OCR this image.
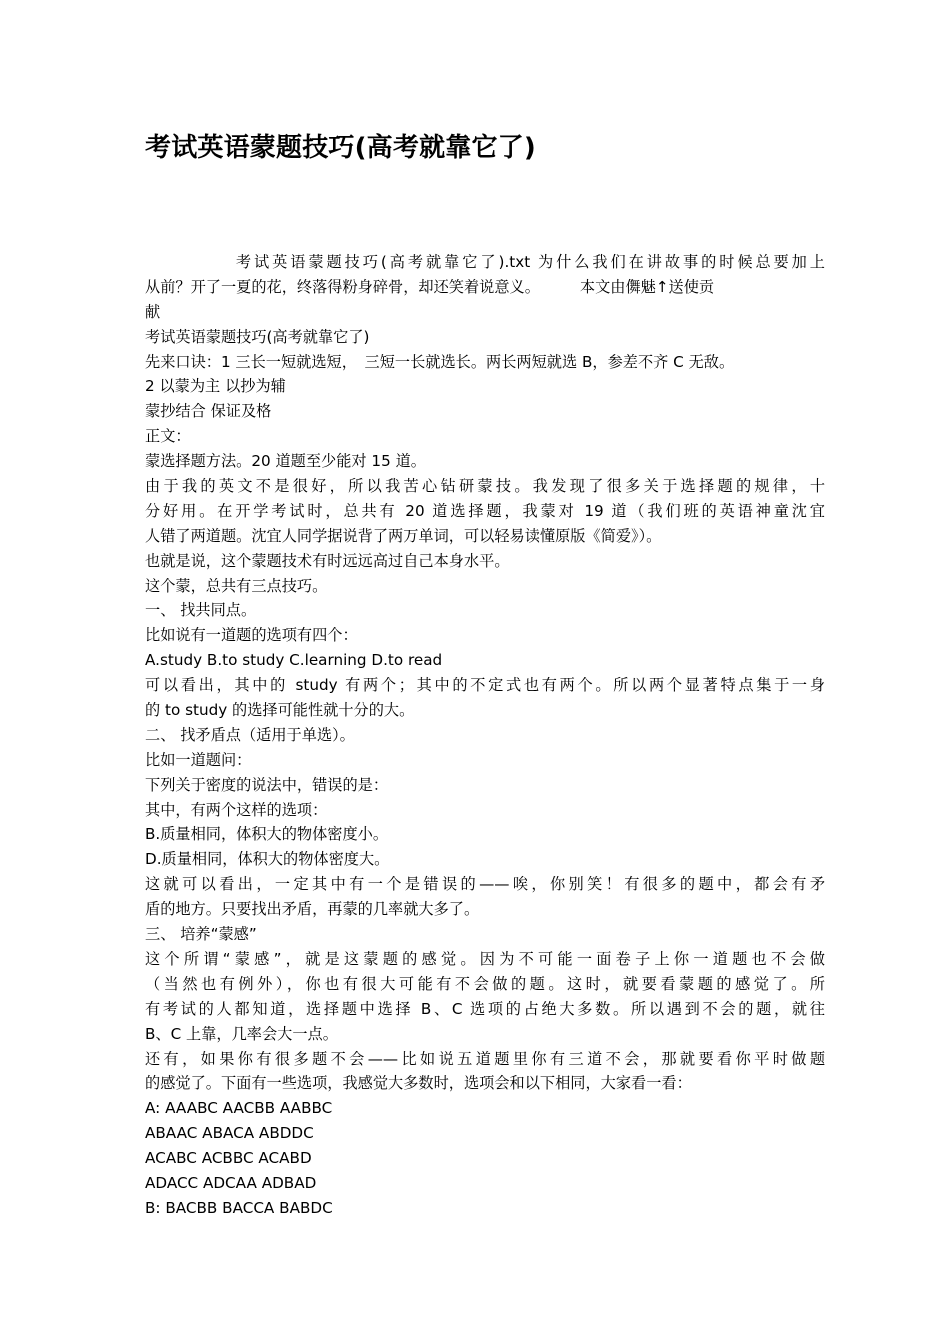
考试英语蒙题技巧(高考就靠它了)
考试英语蒙题技巧(高考就靠它了).txt 为什么我们在讲故事的时候总要加上
从前？开了一夏的花，终落得粉身碎骨，却还笑着说意义。	本文由儛魅↑送使贡
献
考试英语蒙题技巧(高考就靠它了)
先来口诀：1 三长一短就选短，　三短一长就选长。两长两短就选 B，参差不齐 C 无敌。
2 以蒙为主 以抄为辅
蒙抄结合 保证及格
正文：
蒙选择题方法。20 道题至少能对 15 道。
由于我的英文不是很好，所以我苦心钻研蒙技。我发现了很多关于选择题的规律，十
分好用。在开学考试时，总共有 20 道选择题，我蒙对 19 道（我们班的英语神童沈宜
人错了两道题。沈宜人同学据说背了两万单词，可以轻易读懂原版《简爱》）。
也就是说，这个蒙题技术有时远远高过自己本身水平。
这个蒙，总共有三点技巧。
一、 找共同点。
比如说有一道题的选项有四个：
A.study B.to study C.learning D.to read
可以看出，其中的 study 有两个；其中的不定式也有两个。所以两个显著特点集于一身
的 to study 的选择可能性就十分的大。
二、 找矛盾点（适用于单选）。
比如一道题问：
下列关于密度的说法中，错误的是：
其中，有两个这样的选项：
B.质量相同，体积大的物体密度小。
D.质量相同，体积大的物体密度大。
这就可以看出，一定其中有一个是错误的——唉，你别笑！有很多的题中，都会有矛
盾的地方。只要找出矛盾，再蒙的几率就大多了。
三、 培养“蒙感”
这个所谓“蒙感”，就是这蒙题的感觉。因为不可能一面卷子上你一道题也不会做
（当然也有例外），你也有很大可能有不会做的题。这时，就要看蒙题的感觉了。所
有考试的人都知道，选择题中选择 B、C 选项的占绝大多数。所以遇到不会的题，就往
B、C 上靠，几率会大一点。
还有，如果你有很多题不会——比如说五道题里你有三道不会，那就要看你平时做题
的感觉了。下面有一些选项，我感觉大多数时，选项会和以下相同，大家看一看：
A: AAABC AACBB AABBC
ABAAC ABACA ABDDC
ACABC ACBBC ACABD
ADACC ADCAA ADBAD
B: BACBB BACCA BABDC
